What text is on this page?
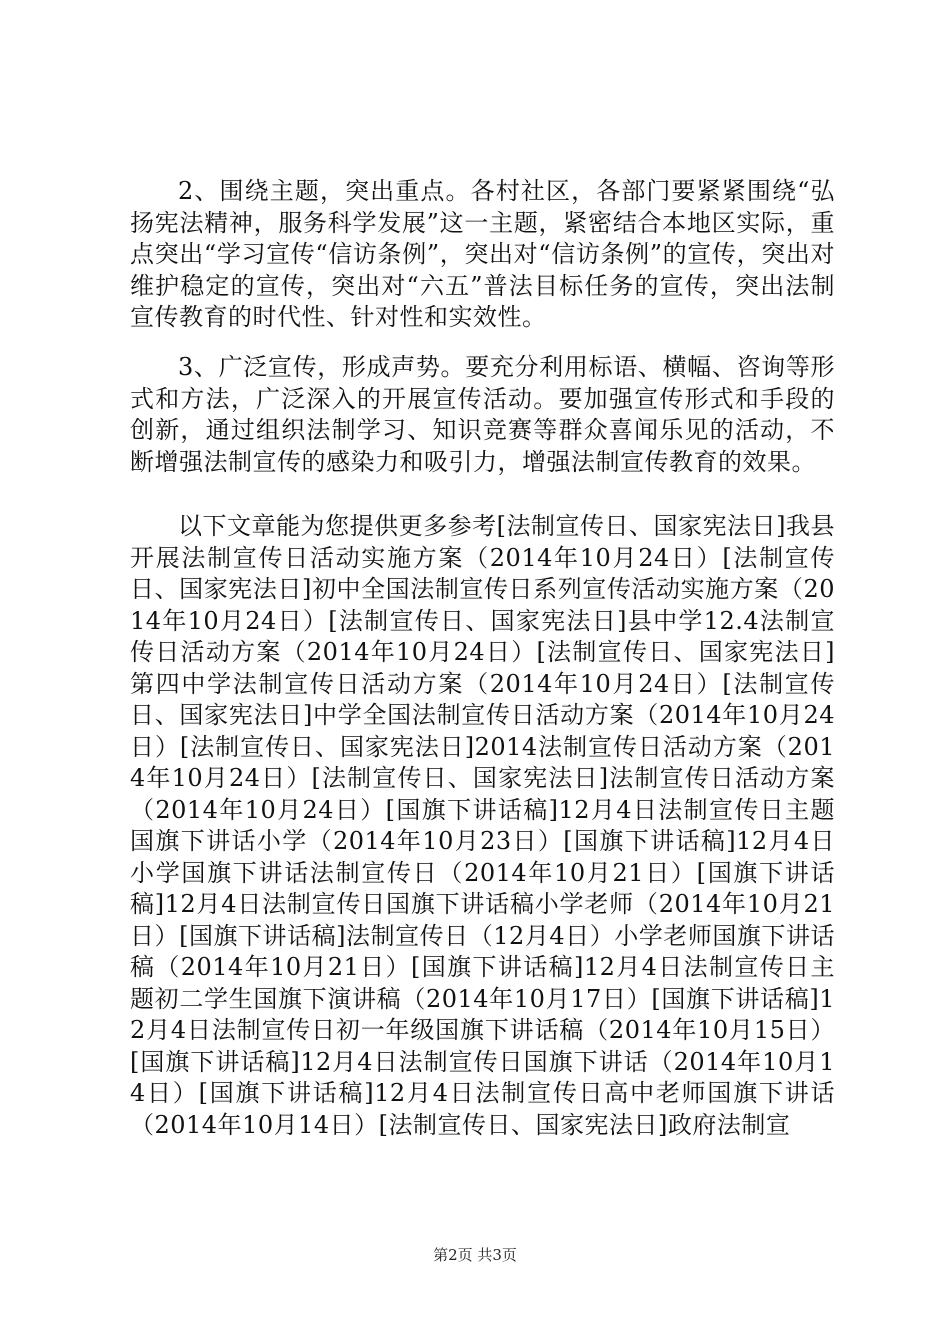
2、围绕主题，突出重点。各村社区，各部门要紧紧围绕“弘扬宪法精神，服务科学发展”这一主题，紧密结合本地区实际，重点突出“学习宣传“信访条例”，突出对“信访条例”的宣传，突出对维护稳定的宣传，突出对“六五”普法目标任务的宣传，突出法制宣传教育的时代性、针对性和实效性。

3、广泛宣传，形成声势。要充分利用标语、横幅、咨询等形式和方法，广泛深入的开展宣传活动。要加强宣传形式和手段的创新，通过组织法制学习、知识竞赛等群众喜闻乐见的活动，不断增强法制宣传的感染力和吸引力，增强法制宣传教育的效果。

以下文章能为您提供更多参考[法制宣传日、国家宪法日]我县开展法制宣传日活动实施方案（2014年10月24日）[法制宣传日、国家宪法日]初中全国法制宣传日系列宣传活动实施方案（2014年10月24日）[法制宣传日、国家宪法日]县中学12.4法制宣传日活动方案（2014年10月24日）[法制宣传日、国家宪法日]第四中学法制宣传日活动方案（2014年10月24日）[法制宣传日、国家宪法日]中学全国法制宣传日活动方案（2014年10月24日）[法制宣传日、国家宪法日]2014法制宣传日活动方案（2014年10月24日）[法制宣传日、国家宪法日]法制宣传日活动方案（2014年10月24日）[国旗下讲话稿]12月4日法制宣传日主题国旗下讲话小学（2014年10月23日）[国旗下讲话稿]12月4日小学国旗下讲话法制宣传日（2014年10月21日）[国旗下讲话稿]12月4日法制宣传日国旗下讲话稿小学老师（2014年10月21日）[国旗下讲话稿]法制宣传日（12月4日）小学老师国旗下讲话稿（2014年10月21日）[国旗下讲话稿]12月4日法制宣传日主题初二学生国旗下演讲稿（2014年10月17日）[国旗下讲话稿]12月4日法制宣传日初一年级国旗下讲话稿（2014年10月15日）[国旗下讲话稿]12月4日法制宣传日国旗下讲话（2014年10月14日）[国旗下讲话稿]12月4日法制宣传日高中老师国旗下讲话（2014年10月14日）[法制宣传日、国家宪法日]政府法制宣

第2页 共3页
